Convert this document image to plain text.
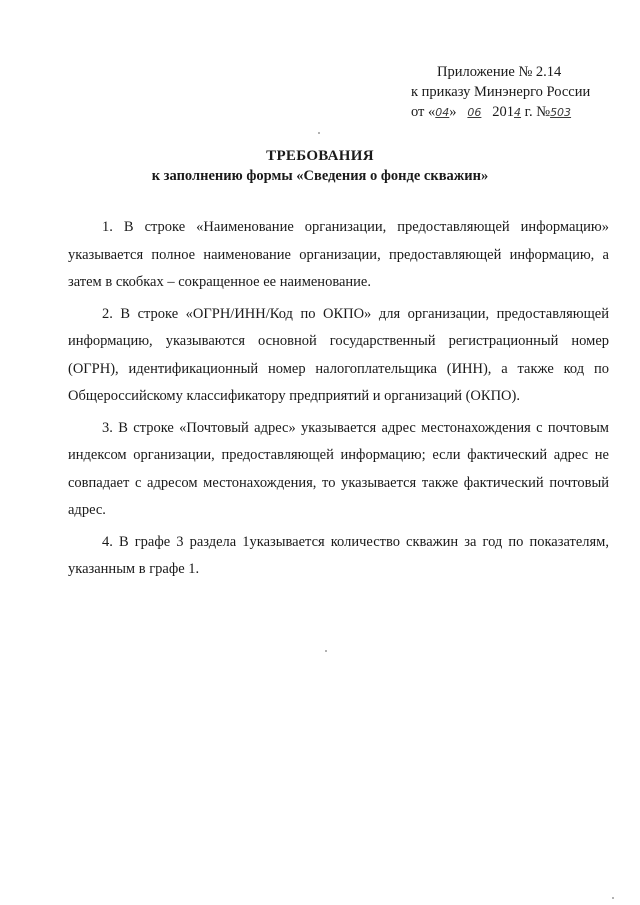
Приложение № 2.14
к приказу Минэнерго России
от «04» 06 2014 г. №503
ТРЕБОВАНИЯ
к заполнению формы «Сведения о фонде скважин»

1. В строке «Наименование организации, предоставляющей информацию» указывается полное наименование организации, предоставляющей информацию, а затем в скобках – сокращенное ее наименование.

2. В строке «ОГРН/ИНН/Код по ОКПО» для организации, предоставляющей информацию, указываются основной государственный регистрационный номер (ОГРН), идентификационный номер налогоплательщика (ИНН), а также код по Общероссийскому классификатору предприятий и организаций (ОКПО).

3. В строке «Почтовый адрес» указывается адрес местонахождения с почтовым индексом организации, предоставляющей информацию; если фактический адрес не совпадает с адресом местонахождения, то указывается также фактический почтовый адрес.

4. В графе 3 раздела 1указывается количество скважин за год по показателям, указанным в графе 1.
